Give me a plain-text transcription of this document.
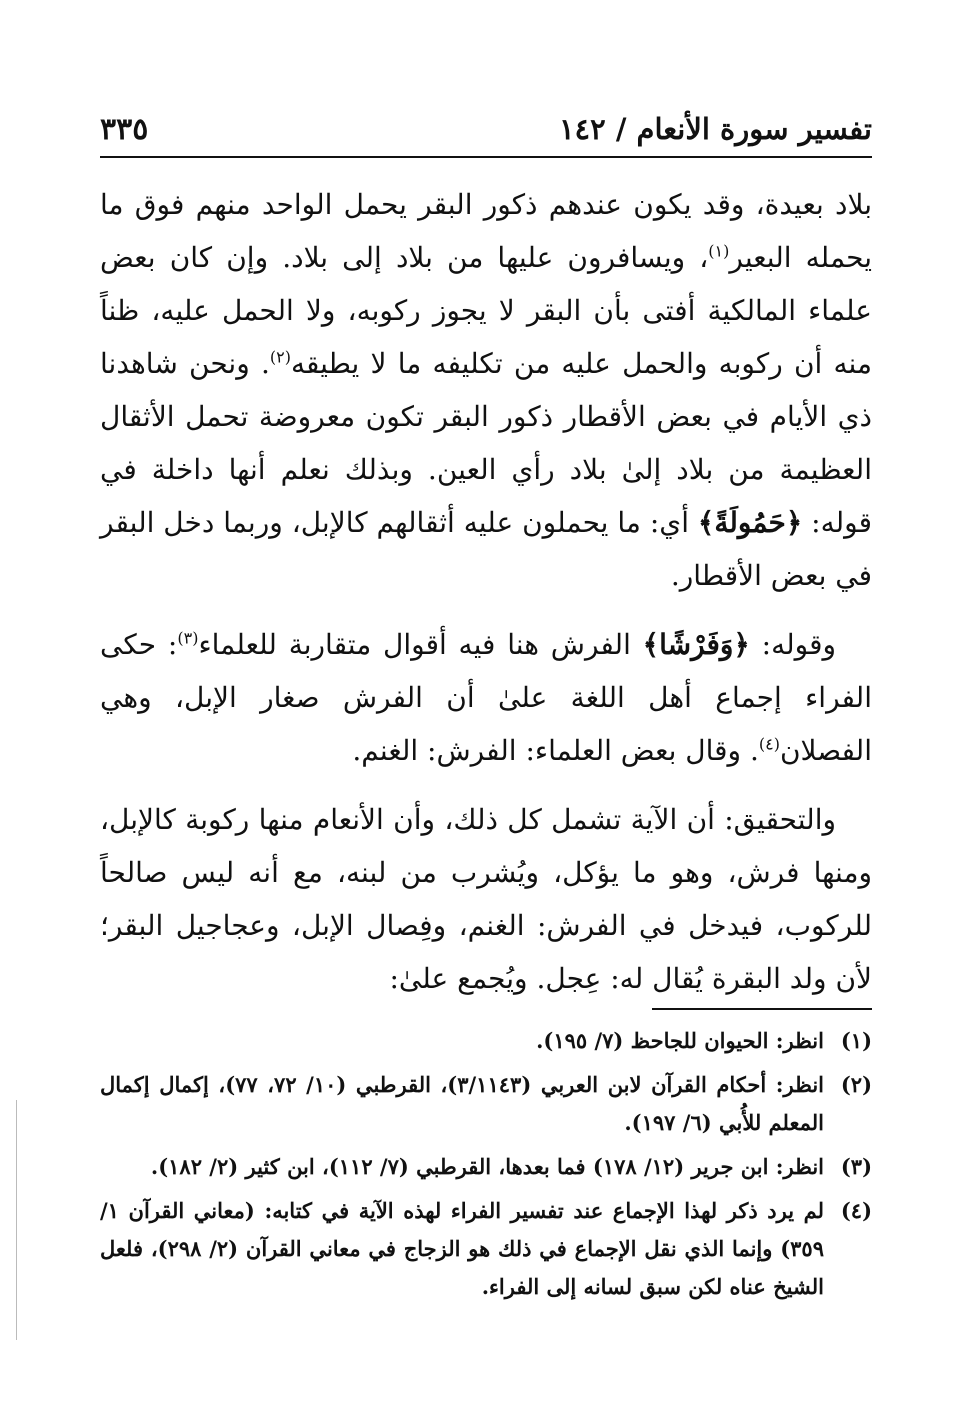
تفسير سورة الأنعام / ١٤٢
٣٣٥

بلاد بعيدة، وقد يكون عندهم ذكور البقر يحمل الواحد منهم فوق ما يحمله البعير$^{(١)}$، ويسافرون عليها من بلاد إلى بلاد. وإن كان بعض علماء المالكية أفتى بأن البقر لا يجوز ركوبه، ولا الحمل عليه، ظناً منه أن ركوبه والحمل عليه من تكليفه ما لا يطيقه$^{(٢)}$. ونحن شاهدنا ذي الأيام في بعض الأقطار ذكور البقر تكون معروضة تحمل الأثقال العظيمة من بلاد إلىٰ بلاد رأي العين. وبذلك نعلم أنها داخلة في قوله: ﴿حَمُولَةً﴾ أي: ما يحملون عليه أثقالهم كالإبل، وربما دخل البقر في بعض الأقطار.

وقوله: ﴿وَفَرْشًا﴾ الفرش هنا فيه أقوال متقاربة للعلماء$^{(٣)}$: حكى الفراء إجماع أهل اللغة علىٰ أن الفرش صغار الإبل، وهي الفصلان$^{(٤)}$. وقال بعض العلماء: الفرش: الغنم.

والتحقيق: أن الآية تشمل كل ذلك، وأن الأنعام منها ركوبة كالإبل، ومنها فرش، وهو ما يؤكل، ويُشرب من لبنه، مع أنه ليس صالحاً للركوب، فيدخل في الفرش: الغنم، وفِصال الإبل، وعجاجيل البقر؛ لأن ولد البقرة يُقال له: عِجل. ويُجمع علىٰ:

(١)
انظر: الحيوان للجاحظ (٧/ ١٩٥).
(٢)
انظر: أحكام القرآن لابن العربي (٣/١١٤٣)، القرطبي (١٠/ ٧٢، ٧٧)، إكمال إكمال المعلم للأُبي (٦/ ١٩٧).
(٣)
انظر: ابن جرير (١٢/ ١٧٨) فما بعدها، القرطبي (٧/ ١١٢)، ابن كثير (٢/ ١٨٢).
(٤)
لم يرد ذكر لهذا الإجماع عند تفسير الفراء لهذه الآية في كتابه: (معاني القرآن ١/ ٣٥٩) وإنما الذي نقل الإجماع في ذلك هو الزجاج في معاني القرآن (٢/ ٢٩٨)، فلعل الشيخ عناه لكن سبق لسانه إلى الفراء.
